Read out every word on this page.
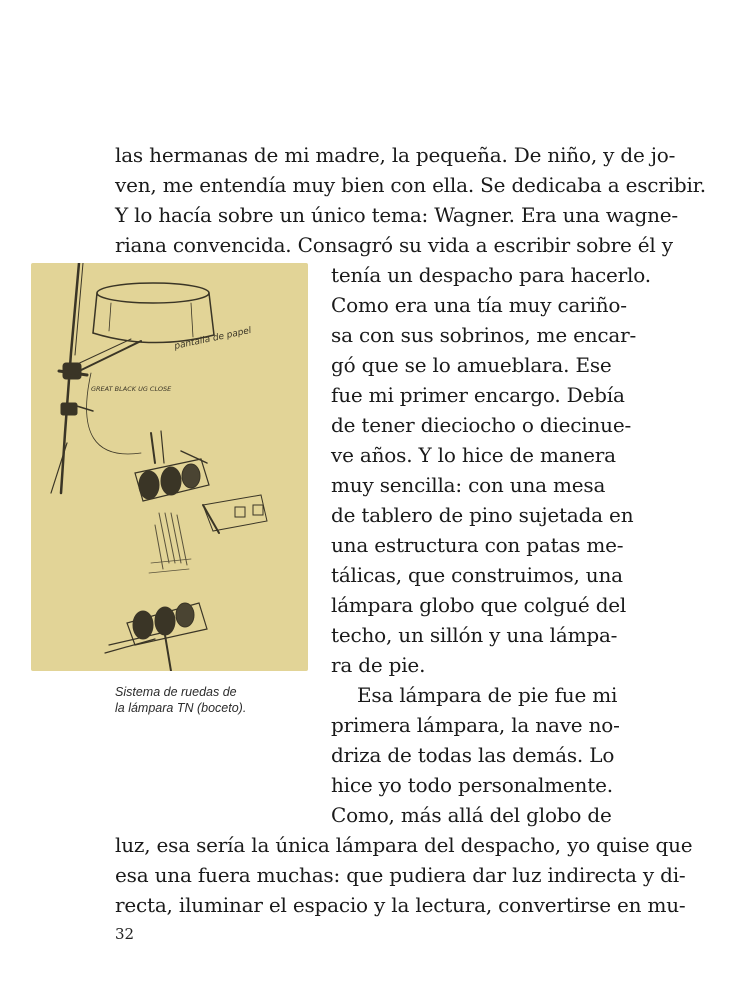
las hermanas de mi madre, la pequeña. De niño, y de jo-
ven, me entendía muy bien con ella. Se dedicaba a escribir.
Y lo hacía sobre un único tema: Wagner. Era una wagne-
riana convencida. Consagró su vida a escribir sobre él y
tenía un despacho para hacerlo.
Como era una tía muy cariño-
sa con sus sobrinos, me encar-
gó que se lo amueblara. Ese
fue mi primer encargo. Debía
de tener dieciocho o diecinue-
ve años. Y lo hice de manera
muy sencilla: con una mesa
de tablero de pino sujetada en
una estructura con patas me-
tálicas, que construimos, una
lámpara globo que colgué del
techo, un sillón y una lámpa-
ra de pie.
Esa lámpara de pie fue mi
primera lámpara, la nave no-
driza de todas las demás. Lo
hice yo todo personalmente.
Como, más allá del globo de
luz, esa sería la única lámpara del despacho, yo quise que
esa una fuera muchas: que pudiera dar luz indirecta y di-
recta, iluminar el espacio y la lectura, convertirse en mu-
pantalla de papel
GREAT BLACK UG CLOSE
Sistema de ruedas de
la lámpara TN (boceto).
32
